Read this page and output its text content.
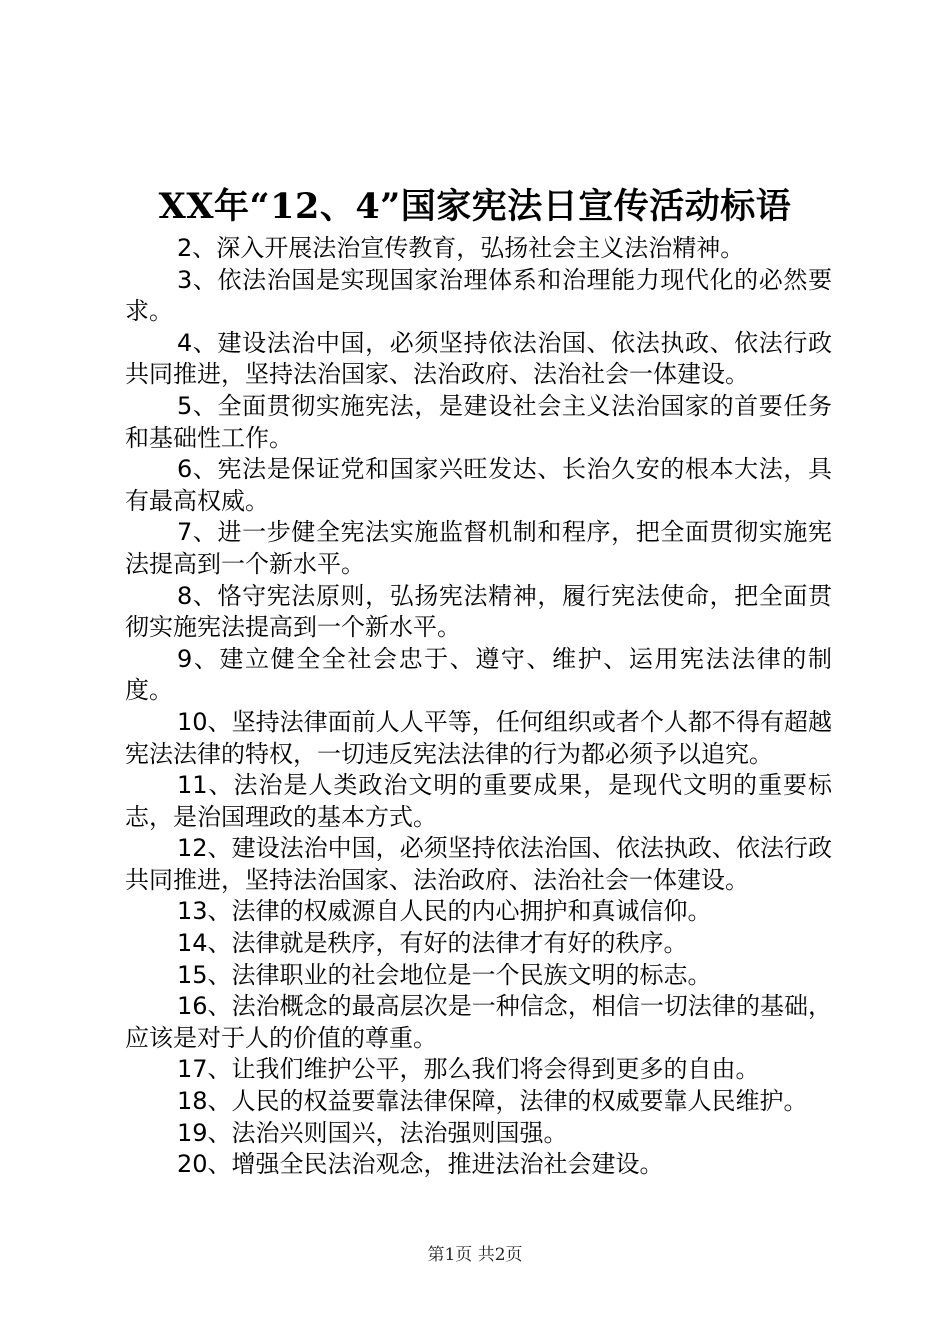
XX年“12、4”国家宪法日宣传活动标语

2、深入开展法治宣传教育，弘扬社会主义法治精神。

3、依法治国是实现国家治理体系和治理能力现代化的必然要求。

4、建设法治中国，必须坚持依法治国、依法执政、依法行政共同推进，坚持法治国家、法治政府、法治社会一体建设。

5、全面贯彻实施宪法，是建设社会主义法治国家的首要任务和基础性工作。

6、宪法是保证党和国家兴旺发达、长治久安的根本大法，具有最高权威。

7、进一步健全宪法实施监督机制和程序，把全面贯彻实施宪法提高到一个新水平。

8、恪守宪法原则，弘扬宪法精神，履行宪法使命，把全面贯彻实施宪法提高到一个新水平。

9、建立健全全社会忠于、遵守、维护、运用宪法法律的制度。

10、坚持法律面前人人平等，任何组织或者个人都不得有超越宪法法律的特权，一切违反宪法法律的行为都必须予以追究。

11、法治是人类政治文明的重要成果，是现代文明的重要标志，是治国理政的基本方式。

12、建设法治中国，必须坚持依法治国、依法执政、依法行政共同推进，坚持法治国家、法治政府、法治社会一体建设。

13、法律的权威源自人民的内心拥护和真诚信仰。

14、法律就是秩序，有好的法律才有好的秩序。

15、法律职业的社会地位是一个民族文明的标志。

16、法治概念的最高层次是一种信念，相信一切法律的基础，应该是对于人的价值的尊重。

17、让我们维护公平，那么我们将会得到更多的自由。

18、人民的权益要靠法律保障，法律的权威要靠人民维护。

19、法治兴则国兴，法治强则国强。

20、增强全民法治观念，推进法治社会建设。

第1页 共2页
